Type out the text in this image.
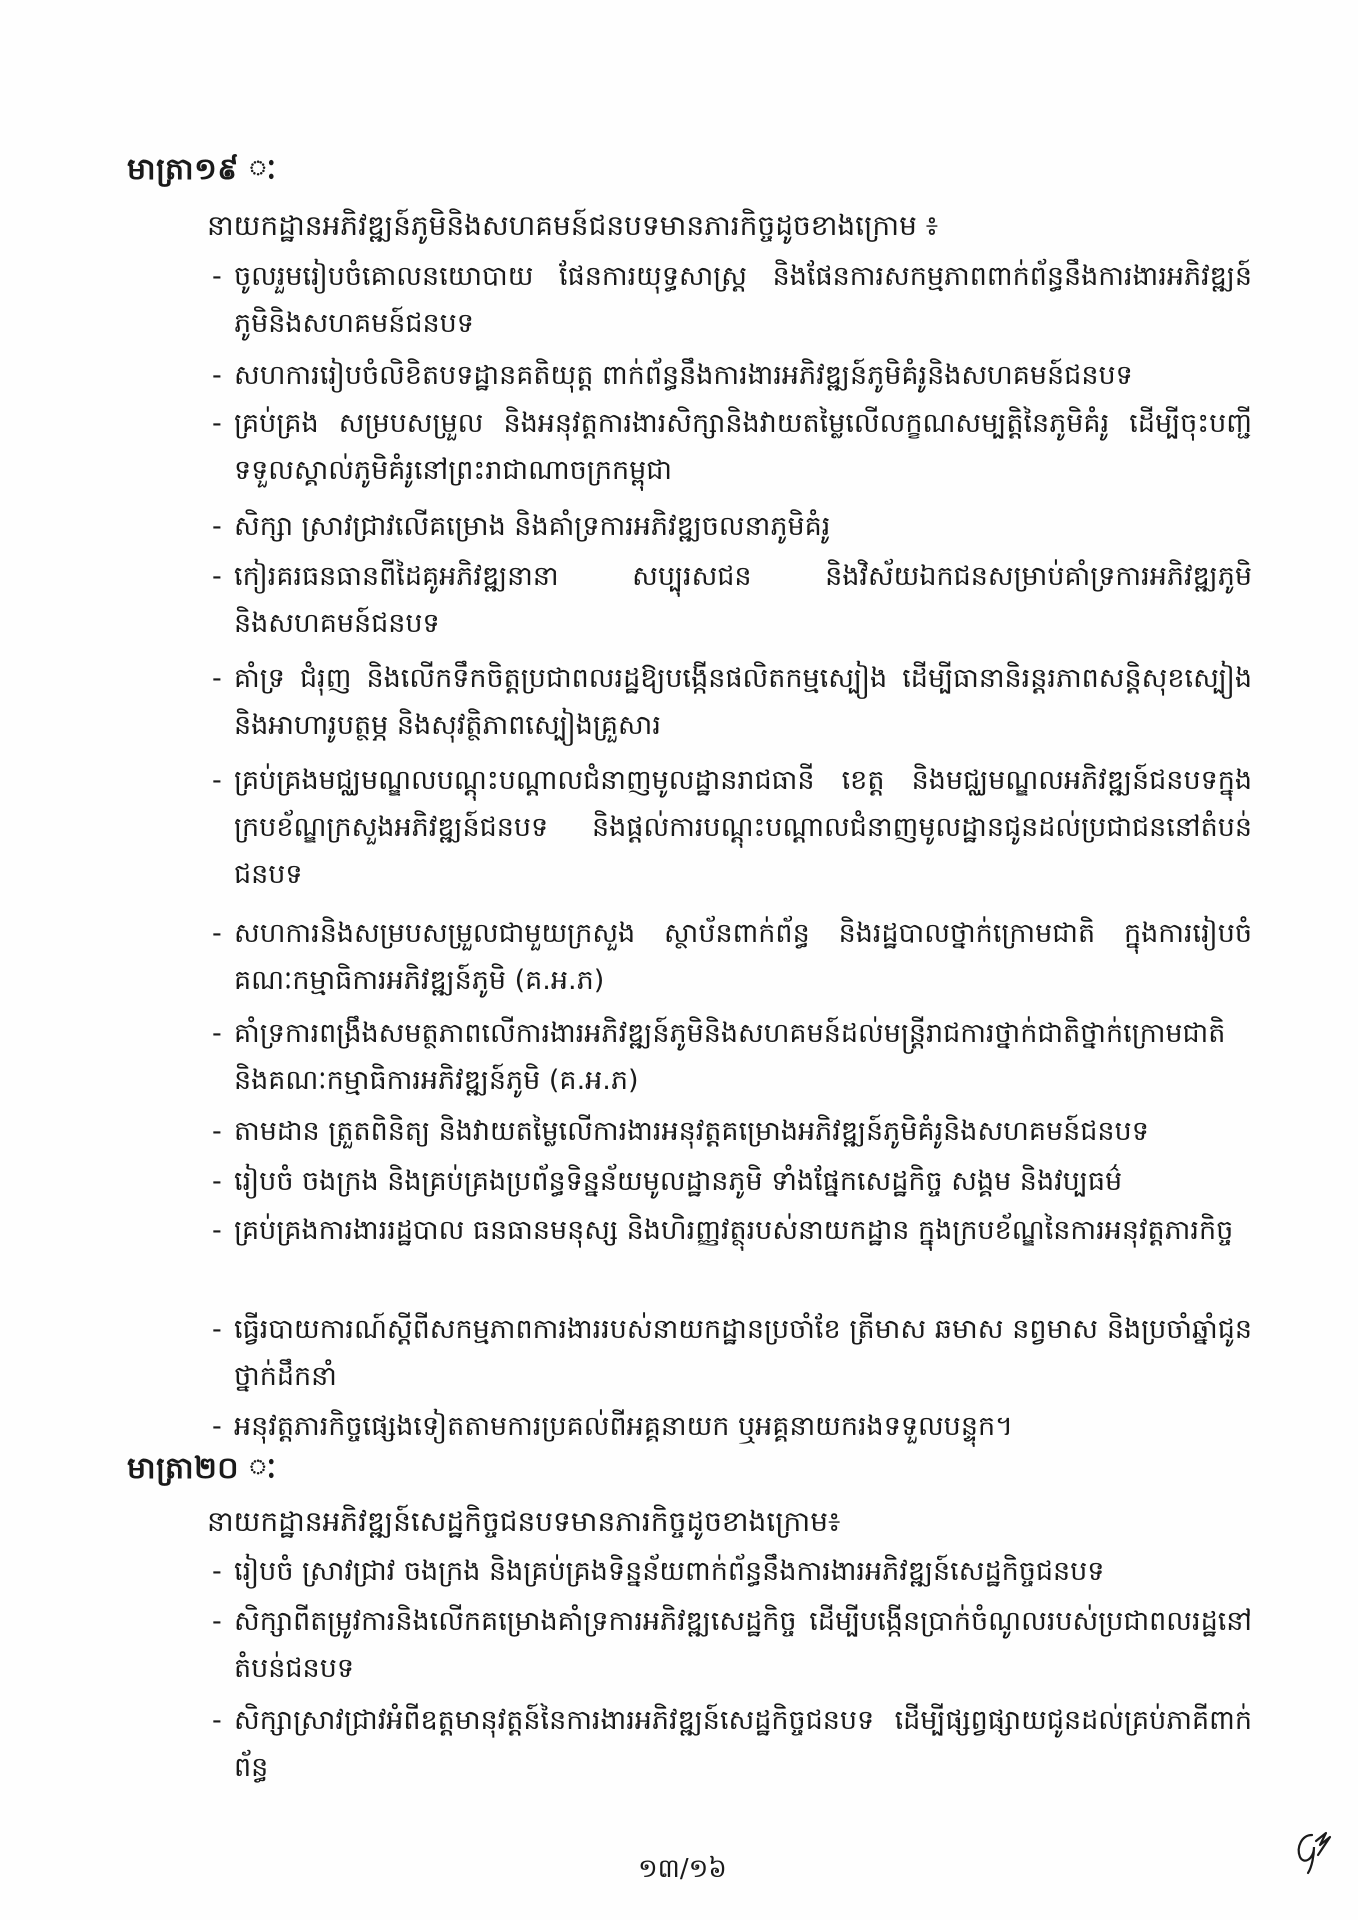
មាត្រា១៩ ៈ
នាយកដ្ឋានអភិវឌ្ឍន៍ភូមិនិងសហគមន៍ជនបទមានភារកិច្ចដូចខាងក្រោម ៖
- ចូលរួមរៀបចំគោលនយោបាយ ផែនការយុទ្ធសាស្ត្រ និងផែនការសកម្មភាពពាក់ព័ន្ធនឹងការងារអភិវឌ្ឍន៍ភូមិនិងសហគមន៍ជនបទ
- សហការរៀបចំលិខិតបទដ្ឋានគតិយុត្ត ពាក់ព័ន្ធនឹងការងារអភិវឌ្ឍន៍ភូមិគំរូនិងសហគមន៍ជនបទ
- គ្រប់គ្រង សម្របសម្រួល និងអនុវត្តការងារសិក្សានិងវាយតម្លៃលើលក្ខណសម្បត្តិនៃភូមិគំរូ ដើម្បីចុះបញ្ជីទទួលស្គាល់ភូមិគំរូនៅព្រះរាជាណាចក្រកម្ពុជា
- សិក្សា ស្រាវជ្រាវលើគម្រោង និងគាំទ្រការអភិវឌ្ឍចលនាភូមិគំរូ
- កៀរគរធនធានពីដៃគូអភិវឌ្ឍនានា សប្បុរសជន និងវិស័យឯកជនសម្រាប់គាំទ្រការអភិវឌ្ឍភូមិនិងសហគមន៍ជនបទ
- គាំទ្រ ជំរុញ និងលើកទឹកចិត្តប្រជាពលរដ្ឋឱ្យបង្កើនផលិតកម្មស្បៀង ដើម្បីធានានិរន្តរភាពសន្តិសុខស្បៀងនិងអាហារូបត្ថម្ភ និងសុវត្ថិភាពស្បៀងគ្រួសារ
- គ្រប់គ្រងមជ្ឈមណ្ឌលបណ្តុះបណ្តាលជំនាញមូលដ្ឋានរាជធានី ខេត្ត និងមជ្ឈមណ្ឌលអភិវឌ្ឍន៍ជនបទក្នុងក្របខ័ណ្ឌក្រសួងអភិវឌ្ឍន៍ជនបទ និងផ្តល់ការបណ្តុះបណ្តាលជំនាញមូលដ្ឋានជូនដល់ប្រជាជននៅតំបន់ជនបទ
- សហការនិងសម្របសម្រួលជាមួយក្រសួង ស្ថាប័នពាក់ព័ន្ធ និងរដ្ឋបាលថ្នាក់ក្រោមជាតិ ក្នុងការរៀបចំគណៈកម្មាធិការអភិវឌ្ឍន៍ភូមិ (គ.អ.ភ)
- គាំទ្រការពង្រឹងសមត្ថភាពលើការងារអភិវឌ្ឍន៍ភូមិនិងសហគមន៍ដល់មន្ត្រីរាជការថ្នាក់ជាតិថ្នាក់ក្រោមជាតិ និងគណៈកម្មាធិការអភិវឌ្ឍន៍ភូមិ (គ.អ.ភ)
- តាមដាន ត្រួតពិនិត្យ និងវាយតម្លៃលើការងារអនុវត្តគម្រោងអភិវឌ្ឍន៍ភូមិគំរូនិងសហគមន៍ជនបទ
- រៀបចំ ចងក្រង និងគ្រប់គ្រងប្រព័ន្ធទិន្នន័យមូលដ្ឋានភូមិ ទាំងផ្នែកសេដ្ឋកិច្ច សង្គម និងវប្បធម៌
- គ្រប់គ្រងការងាររដ្ឋបាល ធនធានមនុស្ស និងហិរញ្ញវត្ថុរបស់នាយកដ្ឋាន ក្នុងក្របខ័ណ្ឌនៃការអនុវត្តភារកិច្ច
- ធ្វើរបាយការណ៍ស្តីពីសកម្មភាពការងាររបស់នាយកដ្ឋានប្រចាំខែ ត្រីមាស ឆមាស នព្វមាស និងប្រចាំឆ្នាំជូនថ្នាក់ដឹកនាំ
- អនុវត្តភារកិច្ចផ្សេងទៀតតាមការប្រគល់ពីអគ្គនាយក ឬអគ្គនាយករងទទួលបន្ទុក។
មាត្រា២០ ៈ
នាយកដ្ឋានអភិវឌ្ឍន៍សេដ្ឋកិច្ចជនបទមានភារកិច្ចដូចខាងក្រោម៖
- រៀបចំ ស្រាវជ្រាវ ចងក្រង និងគ្រប់គ្រងទិន្នន័យពាក់ព័ន្ធនឹងការងារអភិវឌ្ឍន៍សេដ្ឋកិច្ចជនបទ
- សិក្សាពីតម្រូវការនិងលើកគម្រោងគាំទ្រការអភិវឌ្ឍសេដ្ឋកិច្ច ដើម្បីបង្កើនប្រាក់ចំណូលរបស់ប្រជាពលរដ្ឋនៅតំបន់ជនបទ
- សិក្សាស្រាវជ្រាវអំពីឧត្តមានុវត្តន៍នៃការងារអភិវឌ្ឍន៍សេដ្ឋកិច្ចជនបទ ដើម្បីផ្សព្វផ្សាយជូនដល់គ្រប់ភាគីពាក់ព័ន្ធ
១៣/១៦
